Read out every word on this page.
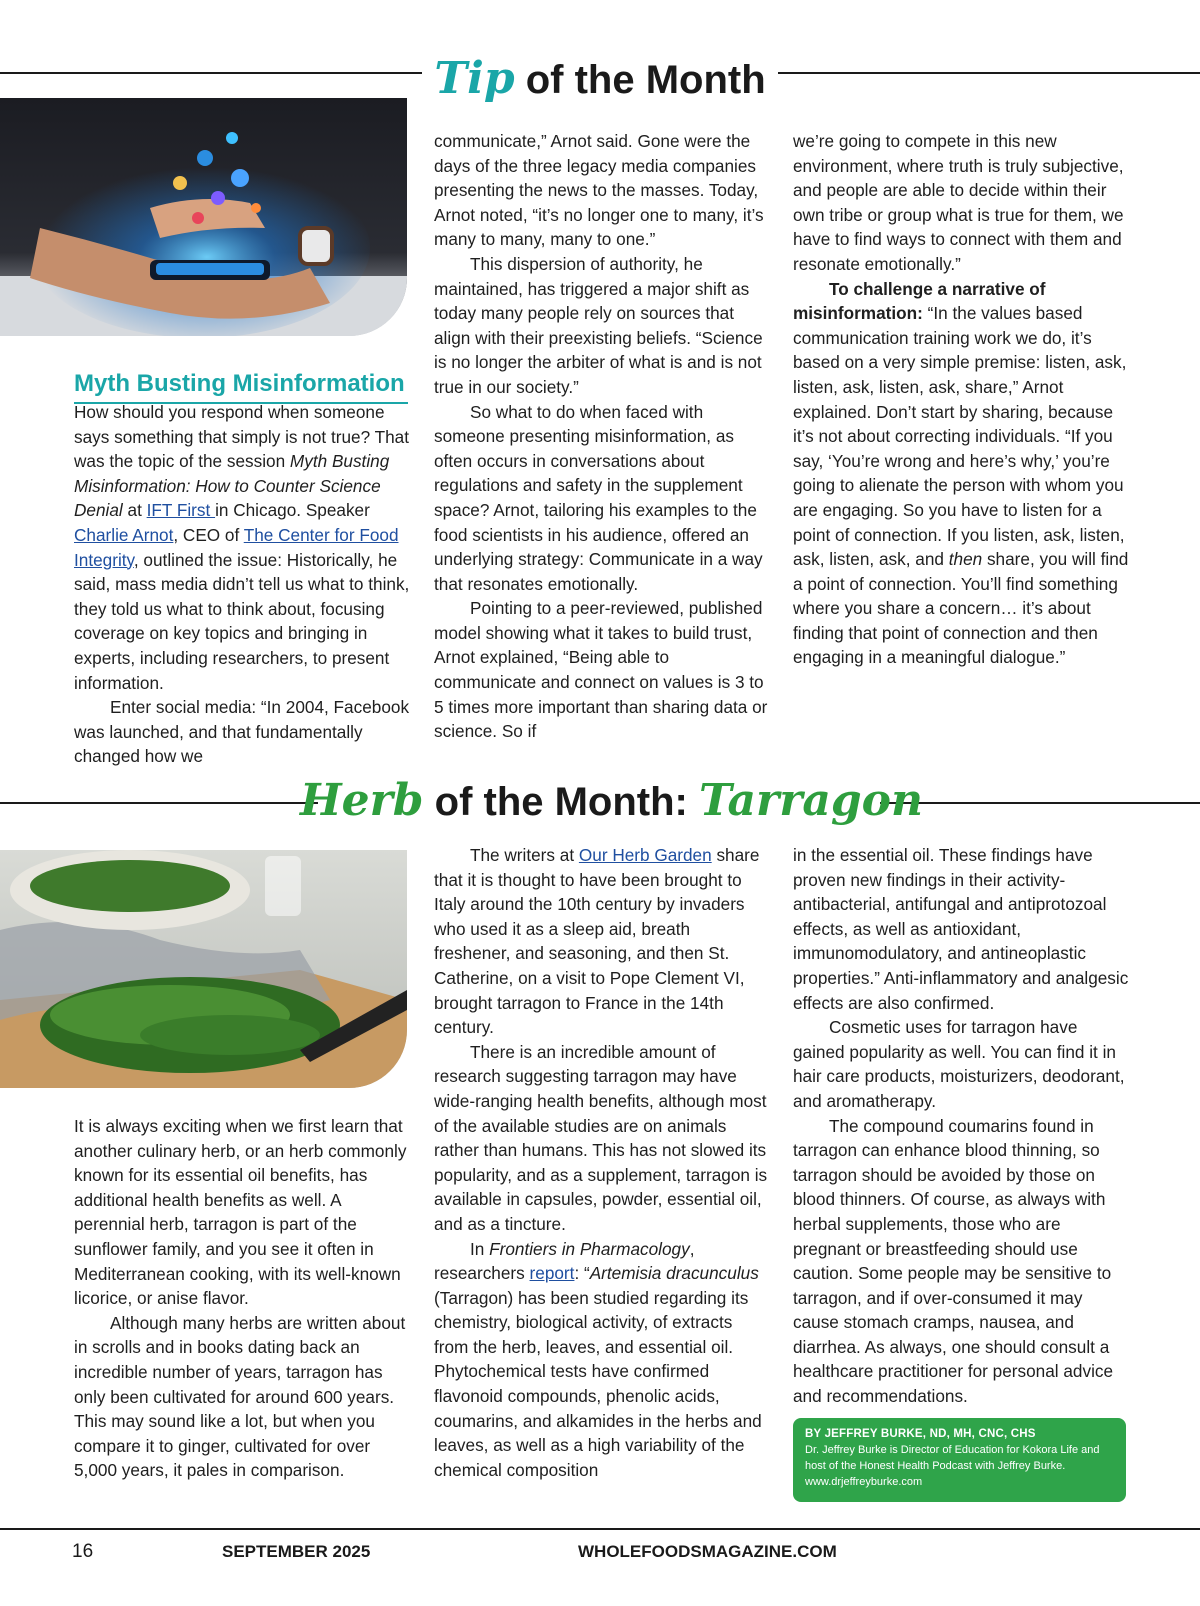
Tip of the Month
Myth Busting Misinformation

How should you respond when someone says something that simply is not true? That was the topic of the session Myth Busting Misinformation: How to Counter Science Denial at IFT First in Chicago. Speaker Charlie Arnot, CEO of The Center for Food Integrity, outlined the issue: Historically, he said, mass media didn’t tell us what to think, they told us what to think about, focusing coverage on key topics and bringing in experts, including researchers, to present information.

Enter social media: “In 2004, Facebook was launched, and that fundamentally changed how we

communicate,” Arnot said. Gone were the days of the three legacy media companies presenting the news to the masses. Today, Arnot noted, “it’s no longer one to many, it’s many to many, many to one.”

This dispersion of authority, he maintained, has triggered a major shift as today many people rely on sources that align with their preexisting beliefs. “Science is no longer the arbiter of what is and is not true in our society.”

So what to do when faced with someone presenting misinformation, as often occurs in conversations about regulations and safety in the supplement space? Arnot, tailoring his examples to the food scientists in his audience, offered an underlying strategy: Communicate in a way that resonates emotionally.

Pointing to a peer-reviewed, published model showing what it takes to build trust, Arnot explained, “Being able to communicate and connect on values is 3 to 5 times more important than sharing data or science. So if

we’re going to compete in this new environment, where truth is truly subjective, and people are able to decide within their own tribe or group what is true for them, we have to find ways to connect with them and resonate emotionally.”

To challenge a narrative of misinformation: “In the values based communication training work we do, it’s based on a very simple premise: listen, ask, listen, ask, listen, ask, share,” Arnot explained. Don’t start by sharing, because it’s not about correcting individuals. “If you say, ‘You’re wrong and here’s why,’ you’re going to alienate the person with whom you are engaging. So you have to listen for a point of connection. If you listen, ask, listen, ask, listen, ask, and then share, you will find a point of connection. You’ll find something where you share a concern… it’s about finding that point of connection and then engaging in a meaningful dialogue.”

Herb of the Month: Tarragon

It is always exciting when we first learn that another culinary herb, or an herb commonly known for its essential oil benefits, has additional health benefits as well. A perennial herb, tarragon is part of the sunflower family, and you see it often in Mediterranean cooking, with its well-known licorice, or anise flavor.

Although many herbs are written about in scrolls and in books dating back an incredible number of years, tarragon has only been cultivated for around 600 years. This may sound like a lot, but when you compare it to ginger, cultivated for over 5,000 years, it pales in comparison.

The writers at Our Herb Garden share that it is thought to have been brought to Italy around the 10th century by invaders who used it as a sleep aid, breath freshener, and seasoning, and then St. Catherine, on a visit to Pope Clement VI, brought tarragon to France in the 14th century.

There is an incredible amount of research suggesting tarragon may have wide-ranging health benefits, although most of the available studies are on animals rather than humans. This has not slowed its popularity, and as a supplement, tarragon is available in capsules, powder, essential oil, and as a tincture.

In Frontiers in Pharmacology, researchers report: “Artemisia dracunculus (Tarragon) has been studied regarding its chemistry, biological activity, of extracts from the herb, leaves, and essential oil. Phytochemical tests have confirmed flavonoid compounds, phenolic acids, coumarins, and alkamides in the herbs and leaves, as well as a high variability of the chemical composition

in the essential oil. These findings have proven new findings in their activity- antibacterial, antifungal and antiprotozoal effects, as well as antioxidant, immunomodulatory, and antineoplastic properties.” Anti-inflammatory and analgesic effects are also confirmed.

Cosmetic uses for tarragon have gained popularity as well. You can find it in hair care products, moisturizers, deodorant, and aromatherapy.

The compound coumarins found in tarragon can enhance blood thinning, so tarragon should be avoided by those on blood thinners. Of course, as always with herbal supplements, those who are pregnant or breastfeeding should use caution. Some people may be sensitive to tarragon, and if over-consumed it may cause stomach cramps, nausea, and diarrhea. As always, one should consult a healthcare practitioner for personal advice and recommendations.

BY JEFFREY BURKE, ND, MH, CNC, CHS
Dr. Jeffrey Burke is Director of Education for Kokora Life and
host of the Honest Health Podcast with Jeffrey Burke.
www.drjeffreyburke.com
16	SEPTEMBER 2025	WHOLEFOODSMAGAZINE.COM
